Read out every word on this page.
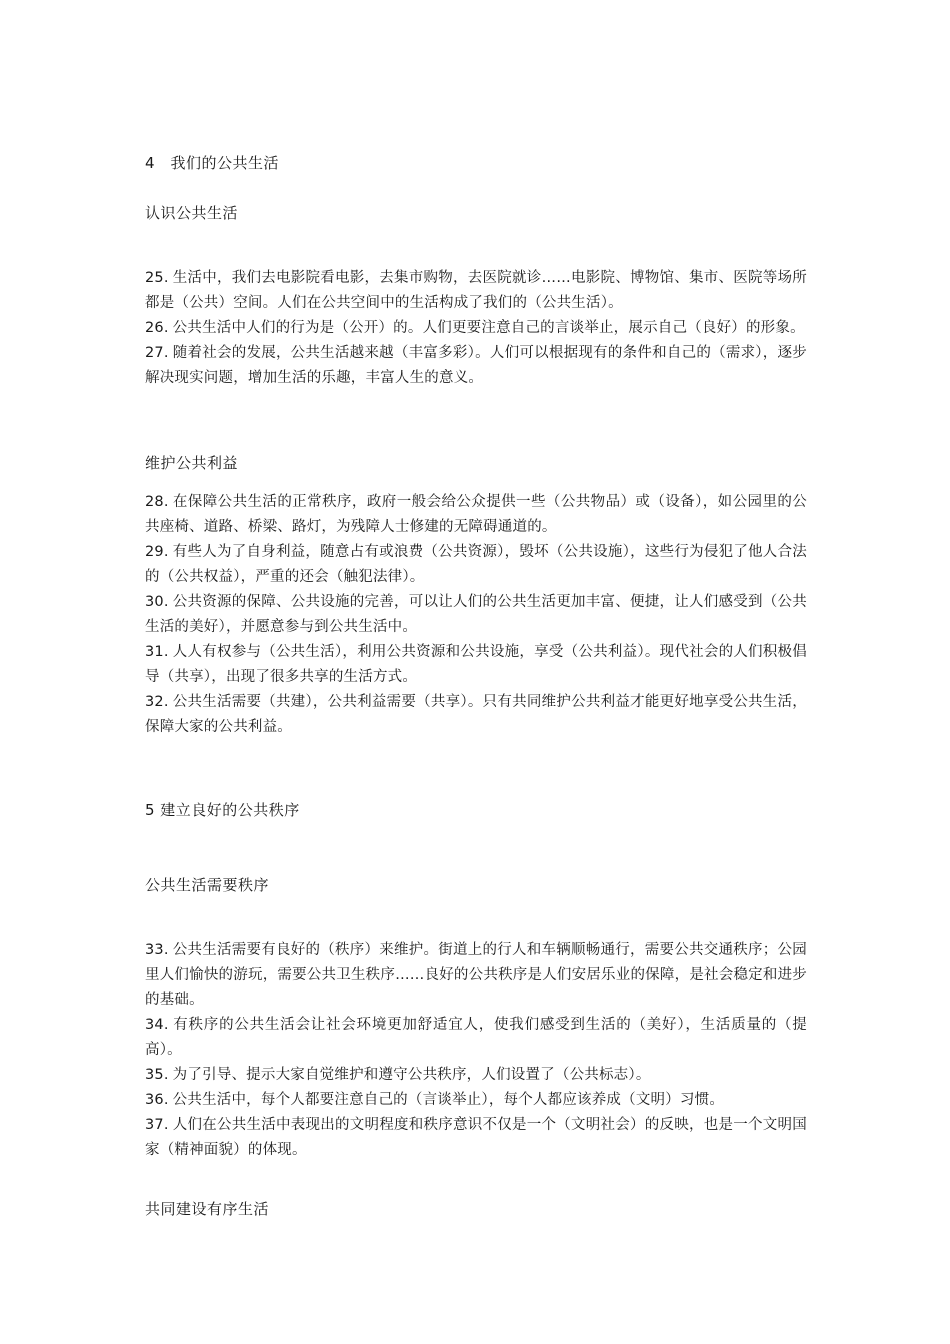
4　我们的公共生活
认识公共生活
25. 生活中，我们去电影院看电影，去集市购物，去医院就诊……电影院、博物馆、集市、医院等场所都是（公共）空间。人们在公共空间中的生活构成了我们的（公共生活）。
26. 公共生活中人们的行为是（公开）的。人们更要注意自己的言谈举止，展示自己（良好）的形象。
27. 随着社会的发展，公共生活越来越（丰富多彩）。人们可以根据现有的条件和自己的（需求），逐步解决现实问题，增加生活的乐趣，丰富人生的意义。
维护公共利益
28. 在保障公共生活的正常秩序，政府一般会给公众提供一些（公共物品）或（设备），如公园里的公共座椅、道路、桥梁、路灯，为残障人士修建的无障碍通道的。
29. 有些人为了自身利益，随意占有或浪费（公共资源），毁坏（公共设施），这些行为侵犯了他人合法的（公共权益），严重的还会（触犯法律）。
30. 公共资源的保障、公共设施的完善，可以让人们的公共生活更加丰富、便捷，让人们感受到（公共生活的美好），并愿意参与到公共生活中。
31. 人人有权参与（公共生活），利用公共资源和公共设施，享受（公共利益）。现代社会的人们积极倡导（共享），出现了很多共享的生活方式。
32. 公共生活需要（共建），公共利益需要（共享）。只有共同维护公共利益才能更好地享受公共生活，保障大家的公共利益。
5 建立良好的公共秩序
公共生活需要秩序
33. 公共生活需要有良好的（秩序）来维护。街道上的行人和车辆顺畅通行，需要公共交通秩序；公园里人们愉快的游玩，需要公共卫生秩序……良好的公共秩序是人们安居乐业的保障，是社会稳定和进步的基础。
34. 有秩序的公共生活会让社会环境更加舒适宜人，使我们感受到生活的（美好），生活质量的（提高）。
35. 为了引导、提示大家自觉维护和遵守公共秩序，人们设置了（公共标志）。
36. 公共生活中，每个人都要注意自己的（言谈举止），每个人都应该养成（文明）习惯。
37. 人们在公共生活中表现出的文明程度和秩序意识不仅是一个（文明社会）的反映，也是一个文明国家（精神面貌）的体现。
共同建设有序生活
